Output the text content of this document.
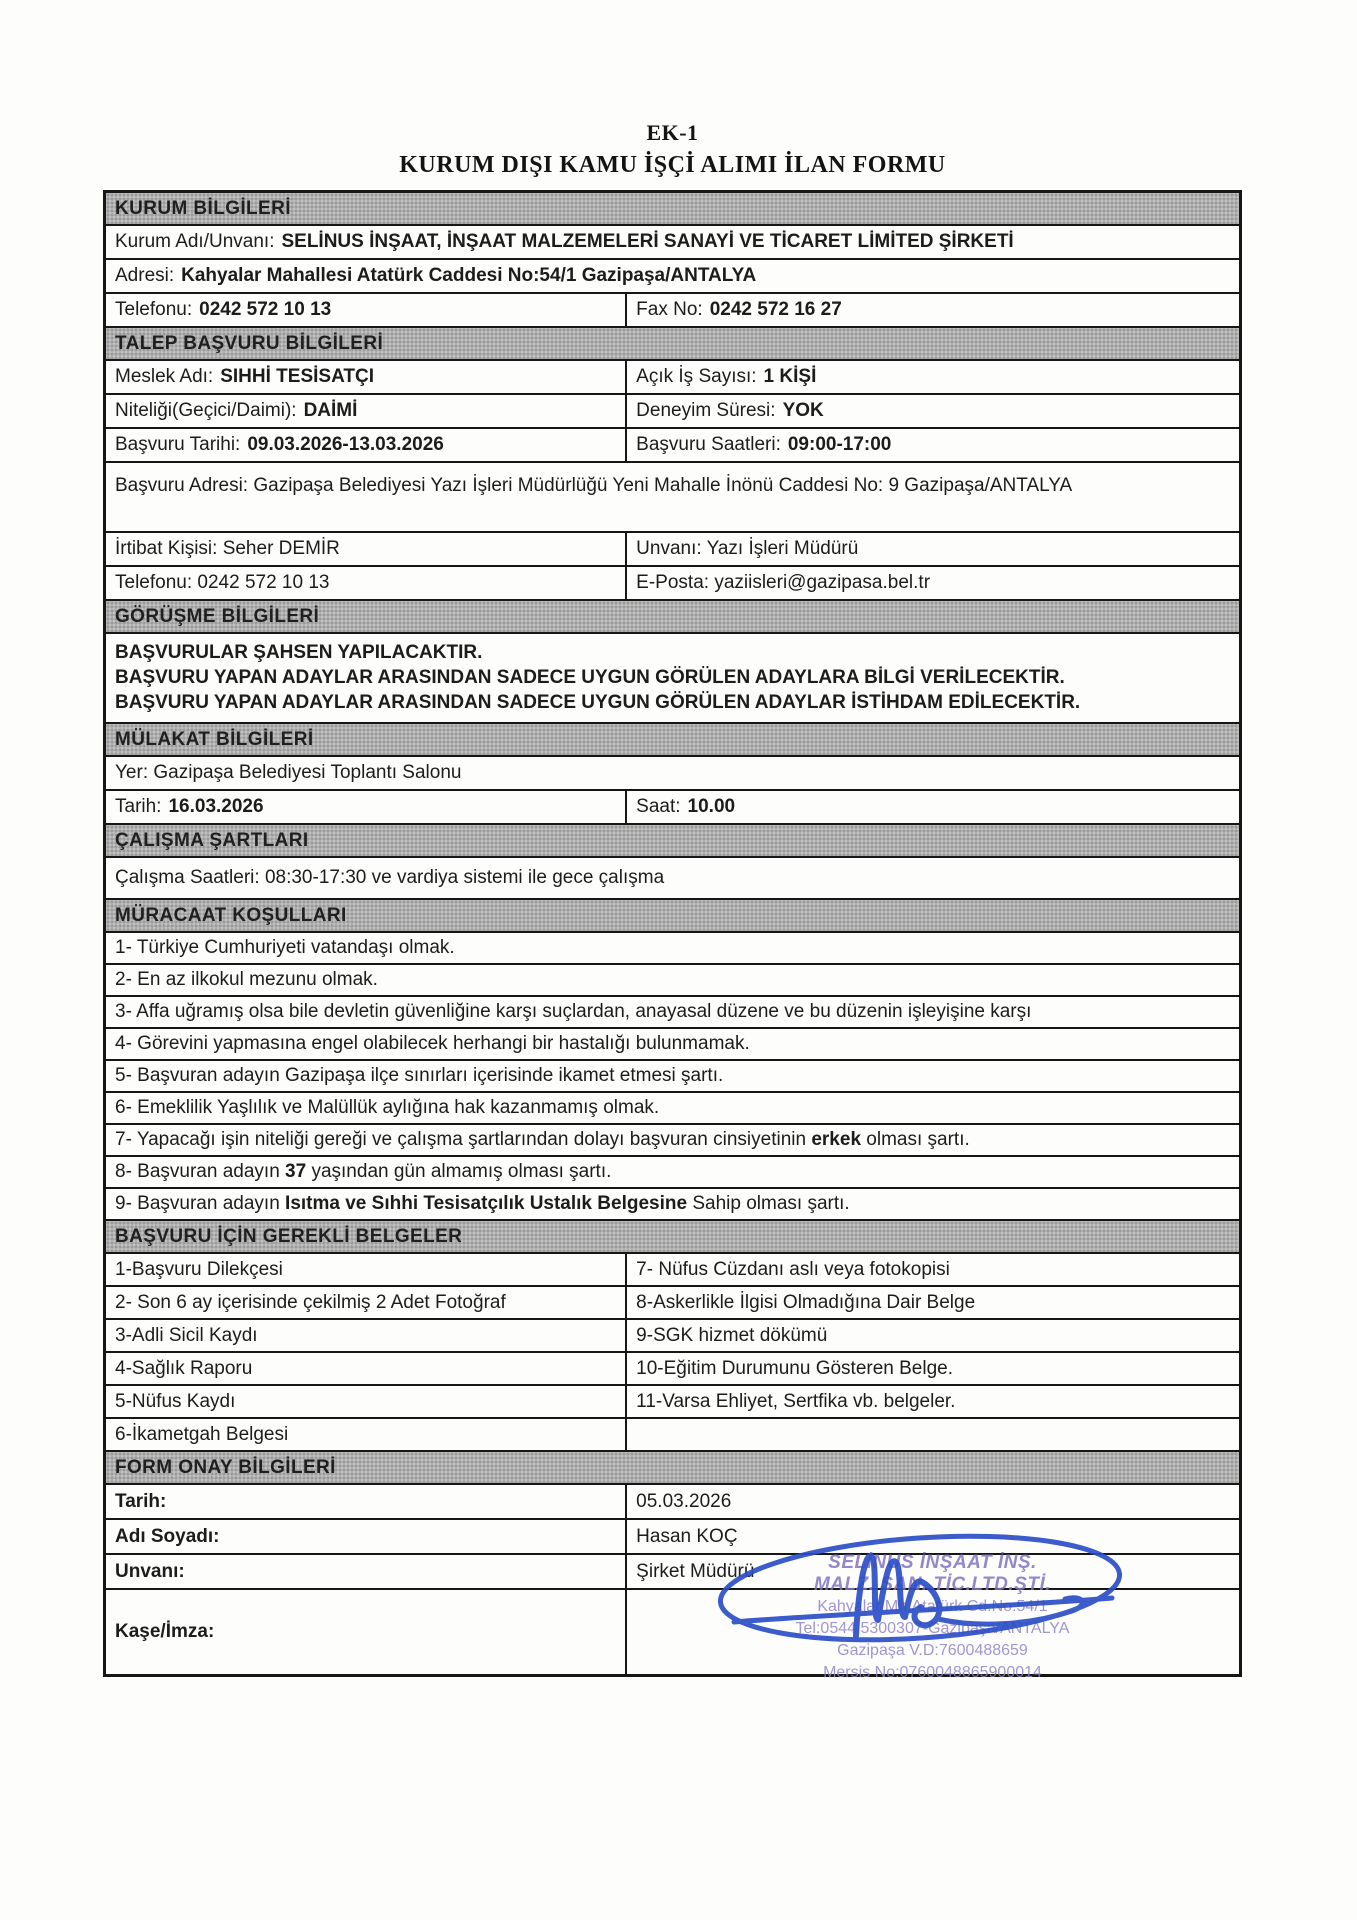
EK-1
KURUM DIŞI KAMU İŞÇİ ALIMI İLAN FORMU
KURUM BİLGİLERİ
Kurum Adı/Unvanı: SELİNUS İNŞAAT, İNŞAAT MALZEMELERİ SANAYİ VE TİCARET LİMİTED ŞİRKETİ
Adresi: Kahyalar Mahallesi Atatürk Caddesi No:54/1 Gazipaşa/ANTALYA
Telefonu: 0242 572 10 13	Fax No: 0242 572 16 27
TALEP BAŞVURU BİLGİLERİ
Meslek Adı: SIHHİ TESİSATÇI	Açık İş Sayısı: 1 KİŞİ
Niteliği(Geçici/Daimi): DAİMİ	Deneyim Süresi: YOK
Başvuru Tarihi: 09.03.2026-13.03.2026	Başvuru Saatleri: 09:00-17:00
Başvuru Adresi: Gazipaşa Belediyesi Yazı İşleri Müdürlüğü Yeni Mahalle İnönü Caddesi No: 9 Gazipaşa/ANTALYA
İrtibat Kişisi: Seher DEMİR	Unvanı: Yazı İşleri Müdürü
Telefonu: 0242 572 10 13	E-Posta: yaziisleri@gazipasa.bel.tr
GÖRÜŞME BİLGİLERİ
BAŞVURULAR ŞAHSEN YAPILACAKTIR.
BAŞVURU YAPAN ADAYLAR ARASINDAN SADECE UYGUN GÖRÜLEN ADAYLARA BİLGİ VERİLECEKTİR.
BAŞVURU YAPAN ADAYLAR ARASINDAN SADECE UYGUN GÖRÜLEN ADAYLAR İSTİHDAM EDİLECEKTİR.
MÜLAKAT BİLGİLERİ
Yer: Gazipaşa Belediyesi Toplantı Salonu
Tarih: 16.03.2026	Saat: 10.00
ÇALIŞMA ŞARTLARI
Çalışma Saatleri: 08:30-17:30 ve vardiya sistemi ile gece çalışma
MÜRACAAT KOŞULLARI
1- Türkiye Cumhuriyeti vatandaşı olmak.
2- En az ilkokul mezunu olmak.
3- Affa uğramış olsa bile devletin güvenliğine karşı suçlardan, anayasal düzene ve bu düzenin işleyişine karşı
4- Görevini yapmasına engel olabilecek herhangi bir hastalığı bulunmamak.
5- Başvuran adayın Gazipaşa ilçe sınırları içerisinde ikamet etmesi şartı.
6- Emeklilik Yaşlılık ve Malüllük aylığına hak kazanmamış olmak.
7- Yapacağı işin niteliği gereği ve çalışma şartlarından dolayı başvuran cinsiyetinin erkek olması şartı.
8- Başvuran adayın 37 yaşından gün almamış olması şartı.
9- Başvuran adayın Isıtma ve Sıhhi Tesisatçılık Ustalık Belgesine Sahip olması şartı.
BAŞVURU İÇİN GEREKLİ BELGELER
1-Başvuru Dilekçesi	7- Nüfus Cüzdanı aslı veya fotokopisi
2- Son 6 ay içerisinde çekilmiş 2 Adet Fotoğraf	8-Askerlikle İlgisi Olmadığına Dair Belge
3-Adli Sicil Kaydı	9-SGK hizmet dökümü
4-Sağlık Raporu	10-Eğitim Durumunu Gösteren Belge.
5-Nüfus Kaydı	11-Varsa Ehliyet, Sertfika vb. belgeler.
6-İkametgah Belgesi
FORM ONAY BİLGİLERİ
Tarih:	05.03.2026
Adı Soyadı:	Hasan KOÇ
Unvanı:	Şirket Müdürü
Kaşe/İmza:
SELİNUS İNŞAAT İNŞ.
MALZ. SAN. TİC.LTD.ŞTİ.
Kahyalar Mh.Atatürk Cd.No:54/1
Tel:0544 5300307-Gazipaşa/ANTALYA
Gazipaşa V.D:7600488659
Mersis No:0760048865900014
